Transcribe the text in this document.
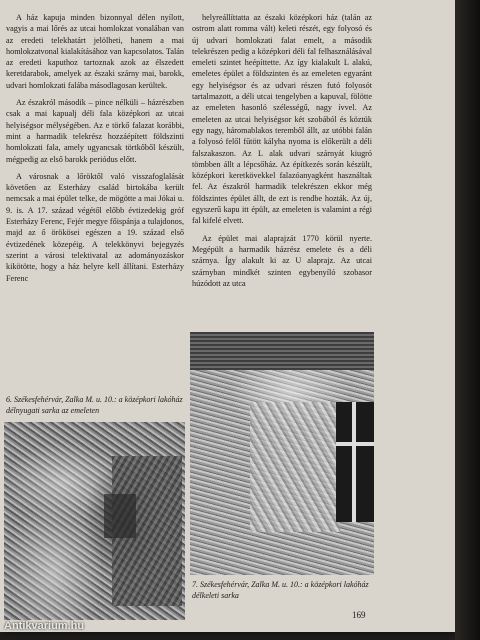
A ház kapuja minden bizonnyal délen nyílott, vagyis a mai lőrés az utcai homlokzat vonalában van az eredeti telekhatárt jelölheti, hanem a mai homlokzatvonal kialakításához van kapcsolatos. Talán az eredeti kaputhoz tartoznak azok az élszedett keretdarabok, amelyek az északi szárny mai, barokk, udvari homlokzati falába másodlagosan kerültek.

Az északról második – pince nélküli – házrészben csak a mai kapualj déli fala középkori az utcai helyiségsor mélységében. Az e törkő falazat korábbi, mint a harmadik telekrész hozzáépített földszinti homlokzati fala, amely ugyancsak törtkőből készült, mégpedig az első barokk periódus előtt.

A városnak a lőröktől való visszafoglalását követően az Esterházy család birtokába került nemcsak a mai épület telke, de mögötte a mai Jókai u. 9. is. A 17. század végétől előbb évtizedekig gróf Esterházy Ferenc, Fejér megye főispánja a tulajdonos, majd az ő örökösei egészen a 19. század első évtizedének közepéig. A telekkönyvi bejegyzés szerint a városi telektivatal az adományozáskor kikötötte, hogy a ház helyre kell állítani. Esterházy Ferenc

helyreállíttatta az északi középkori ház (talán az ostrom alatt romma vált) keleti részét, egy folyosó és új udvari homlokzati falat emelt, a második telekrészen pedig a középkori déli fal felhasználásával emeleti szintet heépíttette. Az így kialakult L alakú, emeletes épület a földszinten és az emeleten egyaránt egy helyiségsor és az udvari részen futó folyosót tartalmazott, a déli utcai tengelyben a kapuval, fölötte az emeleten hasonló szélességű, nagy ívvel. Az emeleten az utcai helyiségsor két szobából és köztük egy nagy, háromablakos teremből állt, az utóbbi falán a folyosó felől fűtött kályha nyoma is előkerült a déli falszakaszon. Az L alak udvari szárnyát kiugró tömbben állt a lépcsőház. Az építkezés során készült, középkori keretkövekkel falazóanyagként használtak fel. Az északról harmadik telekrészen ekkor még földszintes épület állt, de ezt is rendbe hozták. Az új, egyszerű kapu itt épült, az emeleten is valamint a régi fal kifelé elvett.

Az épület mai alaprajzát 1770 körül nyerte. Megépült a harmadik házrész emelete és a déli szárnya. Így alakult ki az U alaprajz. Az utcai szárnyban mindkét szinten egybenyíló szobasor húzódott az utca

6. Székesfehérvár, Zalka M. u. 10.: a középkori lakóház délnyugati sarka az emeleten
7. Székesfehérvár, Zalka M. u. 10.: a középkori lakóház délkeleti sarka
169
Antikvarium.hu
